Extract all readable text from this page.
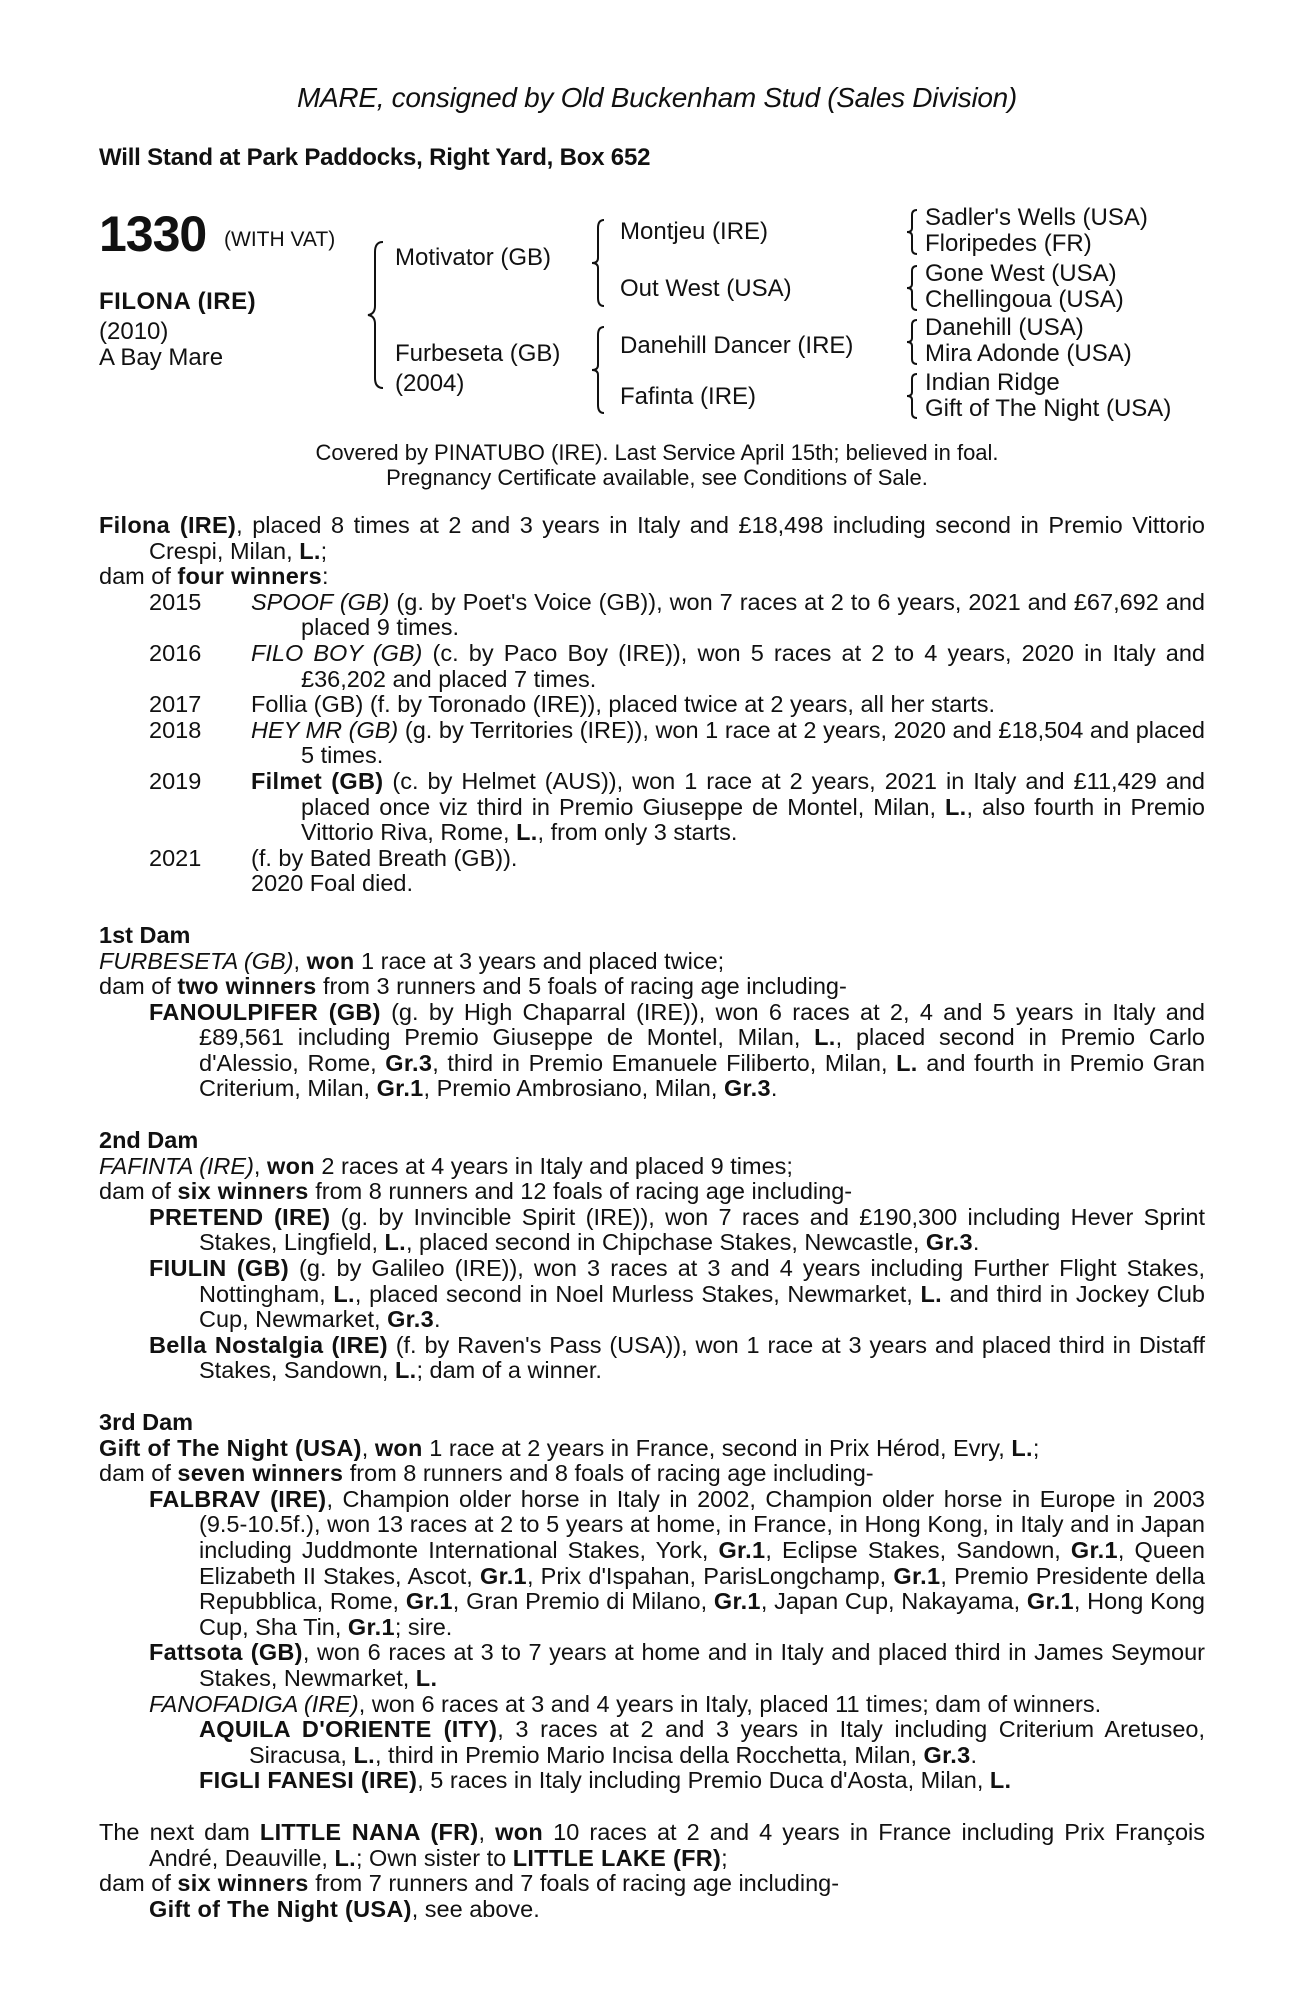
MARE, consigned by Old Buckenham Stud (Sales Division)
Will Stand at Park Paddocks, Right Yard, Box 652
1330 (WITH VAT)
FILONA (IRE)
(2010)
A Bay Mare
Motivator (GB)
Furbeseta (GB)
(2004)
Montjeu (IRE)
Out West (USA)
Danehill Dancer (IRE)
Fafinta (IRE)
Sadler's Wells (USA)
Floripedes (FR)
Gone West (USA)
Chellingoua (USA)
Danehill (USA)
Mira Adonde (USA)
Indian Ridge
Gift of The Night (USA)
Covered by PINATUBO (IRE). Last Service April 15th; believed in foal.
Pregnancy Certificate available, see Conditions of Sale.

Filona (IRE), placed 8 times at 2 and 3 years in Italy and £18,498 including second in Premio Vittorio Crespi, Milan, L.;

dam of four winners:

2015 SPOOF (GB) (g. by Poet's Voice (GB)), won 7 races at 2 to 6 years, 2021 and £67,692 and placed 9 times.
2016 FILO BOY (GB) (c. by Paco Boy (IRE)), won 5 races at 2 to 4 years, 2020 in Italy and £36,202 and placed 7 times.
2017 Follia (GB) (f. by Toronado (IRE)), placed twice at 2 years, all her starts.
2018 HEY MR (GB) (g. by Territories (IRE)), won 1 race at 2 years, 2020 and £18,504 and placed 5 times.
2019 Filmet (GB) (c. by Helmet (AUS)), won 1 race at 2 years, 2021 in Italy and £11,429 and placed once viz third in Premio Giuseppe de Montel, Milan, L., also fourth in Premio Vittorio Riva, Rome, L., from only 3 starts.
2021 (f. by Bated Breath (GB)).
2020 Foal died.
1st Dam

FURBESETA (GB), won 1 race at 3 years and placed twice;

dam of two winners from 3 runners and 5 foals of racing age including-

FANOULPIFER (GB) (g. by High Chaparral (IRE)), won 6 races at 2, 4 and 5 years in Italy and £89,561 including Premio Giuseppe de Montel, Milan, L., placed second in Premio Carlo d'Alessio, Rome, Gr.3, third in Premio Emanuele Filiberto, Milan, L. and fourth in Premio Gran Criterium, Milan, Gr.1, Premio Ambrosiano, Milan, Gr.3.

2nd Dam

FAFINTA (IRE), won 2 races at 4 years in Italy and placed 9 times;

dam of six winners from 8 runners and 12 foals of racing age including-

PRETEND (IRE) (g. by Invincible Spirit (IRE)), won 7 races and £190,300 including Hever Sprint Stakes, Lingfield, L., placed second in Chipchase Stakes, Newcastle, Gr.3.

FIULIN (GB) (g. by Galileo (IRE)), won 3 races at 3 and 4 years including Further Flight Stakes, Nottingham, L., placed second in Noel Murless Stakes, Newmarket, L. and third in Jockey Club Cup, Newmarket, Gr.3.

Bella Nostalgia (IRE) (f. by Raven's Pass (USA)), won 1 race at 3 years and placed third in Distaff Stakes, Sandown, L.; dam of a winner.

3rd Dam

Gift of The Night (USA), won 1 race at 2 years in France, second in Prix Hérod, Evry, L.;

dam of seven winners from 8 runners and 8 foals of racing age including-

FALBRAV (IRE), Champion older horse in Italy in 2002, Champion older horse in Europe in 2003 (9.5-10.5f.), won 13 races at 2 to 5 years at home, in France, in Hong Kong, in Italy and in Japan including Juddmonte International Stakes, York, Gr.1, Eclipse Stakes, Sandown, Gr.1, Queen Elizabeth II Stakes, Ascot, Gr.1, Prix d'Ispahan, ParisLongchamp, Gr.1, Premio Presidente della Repubblica, Rome, Gr.1, Gran Premio di Milano, Gr.1, Japan Cup, Nakayama, Gr.1, Hong Kong Cup, Sha Tin, Gr.1; sire.

Fattsota (GB), won 6 races at 3 to 7 years at home and in Italy and placed third in James Seymour Stakes, Newmarket, L.

FANOFADIGA (IRE), won 6 races at 3 and 4 years in Italy, placed 11 times; dam of winners.

AQUILA D'ORIENTE (ITY), 3 races at 2 and 3 years in Italy including Criterium Aretuseo, Siracusa, L., third in Premio Mario Incisa della Rocchetta, Milan, Gr.3.

FIGLI FANESI (IRE), 5 races in Italy including Premio Duca d'Aosta, Milan, L.

The next dam LITTLE NANA (FR), won 10 races at 2 and 4 years in France including Prix François André, Deauville, L.; Own sister to LITTLE LAKE (FR);

dam of six winners from 7 runners and 7 foals of racing age including-

Gift of The Night (USA), see above.
